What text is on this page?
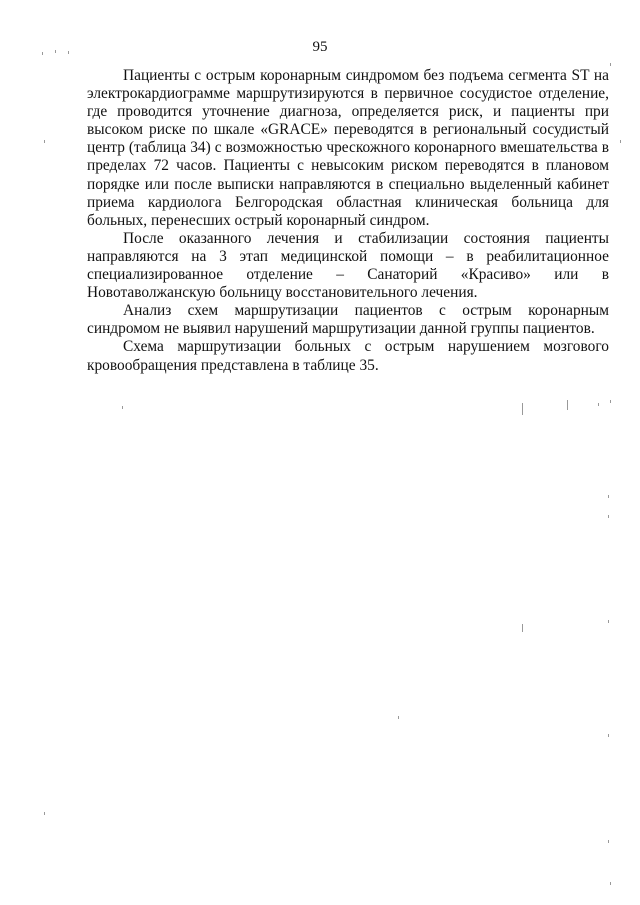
95

Пациенты с острым коронарным синдромом без подъема сегмента ST на электрокардиограмме маршрутизируются в первичное сосудистое отделение, где проводится уточнение диагноза, определяется риск, и пациенты при высоком риске по шкале «GRACE» переводятся в региональный сосудистый центр (таблица 34) с возможностью чрескожного коронарного вмешательства в пределах 72 часов. Пациенты с невысоким риском переводятся в плановом порядке или после выписки направляются в специально выделенный кабинет приема кардиолога Белгородская областная клиническая больница для больных, перенесших острый коронарный синдром.

После оказанного лечения и стабилизации состояния пациенты направляются на 3 этап медицинской помощи – в реабилитационное специализированное отделение – Санаторий «Красиво» или в Новотаволжанскую больницу восстановительного лечения.

Анализ схем маршрутизации пациентов с острым коронарным синдромом не выявил нарушений маршрутизации данной группы пациентов.

Схема маршрутизации больных с острым нарушением мозгового кровообращения представлена в таблице 35.
